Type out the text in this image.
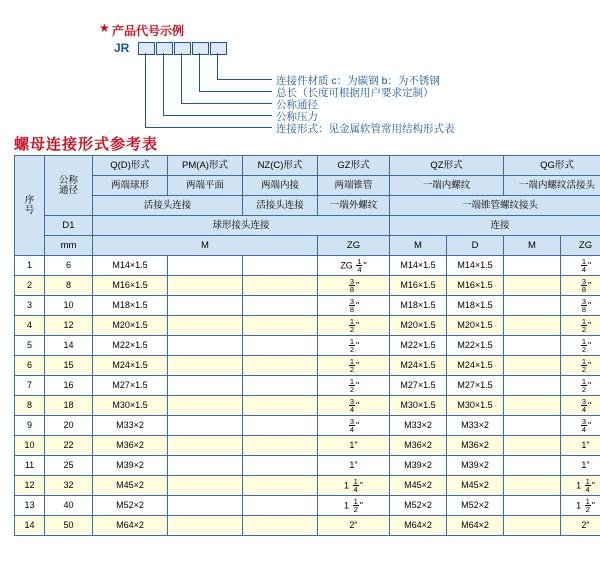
★ 产品代号示例
JR
连接件材质 c：为碳钢 b：为不锈钢
总长（长度可根据用户要求定制）
公称通径
公称压力
连接形式：见金属软管常用结构形式表
螺母连接形式参考表
序
号

公称
通径
	Q(D)形式	PM(A)形式	NZ(C)形式	GZ形式	QZ形式	QG形式
		两端球形	两端平面	两端内接	两端锥管	一端内螺纹		一端内螺纹活接头	
		活接头连接		活接头连接	一端外螺纹	一端锥管螺纹接头			
	D1	球形接头连接				连接			
	mm	M			ZG	M	D	M	ZG
1	6	M14×1.5			ZG $\frac{1}{4}$ "	M14×1.5	M14×1.5		$\frac{1}{4}$ "
2	8	M16×1.5			$\frac{3}{8}$ "	M16×1.5	M16×1.5		$\frac{3}{8}$ "
3	10	M18×1.5			$\frac{3}{8}$ "	M18×1.5	M18×1.5		$\frac{3}{8}$ "
4	12	M20×1.5			$\frac{1}{2}$ "	M20×1.5	M20×1.5		$\frac{1}{2}$ "
5	14	M22×1.5			$\frac{1}{2}$ "	M22×1.5	M22×1.5		$\frac{1}{2}$ "
6	15	M24×1.5			$\frac{1}{2}$ "	M24×1.5	M24×1.5		$\frac{1}{2}$ "
7	16	M27×1.5			$\frac{1}{2}$ "	M27×1.5	M27×1.5		$\frac{1}{2}$ "
8	18	M30×1.5			$\frac{3}{4}$ "	M30×1.5	M30×1.5		$\frac{3}{4}$ "
9	20	M33×2			$\frac{3}{4}$ "	M33×2	M33×2		$\frac{3}{4}$ "
10	22	M36×2			1"	M36×2	M36×2		1"
11	25	M39×2			1"	M39×2	M39×2		1"
12	32	M45×2			$1 \frac{1}{4}$ "	M45×2	M45×2		$1 \frac{1}{4}$ "
13	40	M52×2			$1 \frac{1}{2}$ "	M52×2	M52×2		$1 \frac{1}{2}$ "
14	50	M64×2			2"	M64×2	M64×2		2"
